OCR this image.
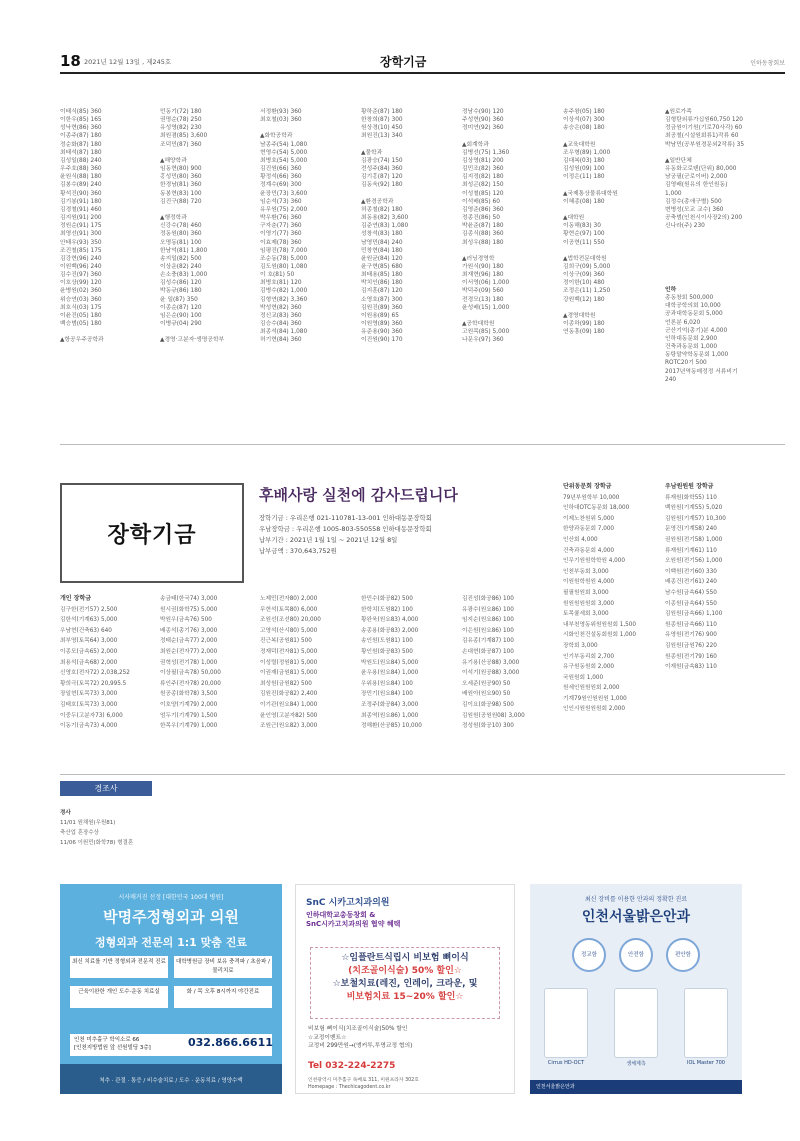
18 2021년 12월 13일 , 제245호	장학기금	인하동창회보
이태식(85) 360
이한우(85) 165
성낙현(86) 360
이종주(87) 180
정순화(87) 180
최태석(87) 180
김성일(88) 240
우주호(88) 360
윤원식(88) 180
김봉수(89) 240
황석진(90) 360
김기봉(91) 180
김경철(91) 460
김지원(91) 200
정원순(91) 175
최영선(91) 300
안태우(93) 350
조진철(85) 175
김강현(96) 240
이원백(96) 240
김수진(97) 360
이호상(99) 120
윤병원(02) 360
위승연(03) 360
최호식(03) 175
이윤진(05) 180
백승범(05) 180

▲항공우주공학과
민동기(72) 180
권명순(78) 250
유성영(82) 230
최원겸(85) 3,600
조덕민(87) 360

▲해양학과
임동현(80) 900
홍성민(80) 360
한경남(81) 360
동봉현(83) 100
김진구(88) 720

▲행정학과
신강수(78) 460
정동원(80) 360
오명동(81) 100
한남억(81) 1,800
송지일(82) 500
이상운(82) 240
손소충(83) 1,000
김성수(86) 120
박동규(86) 180
윤 일(87) 350
이종순(87) 120
임은순(90) 100
이병규(04) 290

▲경영·고분자·생명공학부
서정환(93) 360
최호철(03) 360

▲화학공학과
남종주(54) 1,080
현영수(54) 5,000
최병호(54) 5,000
김진원(66) 360
황정석(66) 360
정계수(69) 300
윤장민(73) 3,600
임순석(73) 360
유무원(75) 2,000
박우환(76) 360
구자춘(77) 360
이영기(77) 360
이효제(78) 360
임평진(78) 7,000
조순동(78) 5,000
김도원(80) 1,080
이 호(81) 50
최병호(81) 120
김병수(82) 1,000
김형연(82) 3,360
박성현(82) 360
정신교(83) 360
김승수(84) 360
최종석(84) 1,080
허기현(84) 360
황하준(87) 180
한창희(87) 300
원상경(10) 450
최원진(13) 340

▲물학과
김광승(74) 150
전성주(84) 360
김기홍(87) 120
김동욱(92) 180

▲환경공학과
허종철(82) 180
최동용(82) 3,600
김준연(83) 1,080
성창석(83) 180
남영민(84) 240
민창현(84) 180
윤원균(84) 120
윤구현(85) 680
최태용(85) 180
박치인(86) 180
김지훈(87) 120
소영호(87) 300
김원진(89) 360
이원용(89) 65
이원영(89) 360
유준용(90) 360
이진원(90) 170
정남수(90) 120
주성현(90) 360
정미연(92) 360

▲회계학과
김병선(75) 1,360
김상영(81) 200
김민조(82) 360
김지정(82) 180
최성곤(82) 150
이성철(85) 120
이석배(85) 60
김영준(86) 360
정종진(86) 50
박윤준(87) 180
김종식(88) 360
최성우(88) 180

▲러닝경영학
가원식(90) 180
최재현(96) 180
이서영(06) 1,000
박덕주(09) 560
전경모(13) 180
윤성배(15) 1,000

▲공학대학원
고원목(85) 5,000
나문우(97) 360
송주왕(05) 180
이상석(07) 300
송승은(08) 180

▲교육대학원
조우형(89) 1,000
김대복(03) 180
김성원(09) 100
이정은(11) 180

▲국제통상물류대학원
이혜종(08) 180

▲대학원
이동해(83) 30
황현순(97) 100
이공현(11) 550

▲법학전문대학원
김희구(09) 5,000
이상구(09) 360
정이한(10) 480
조정은(11) 1,250
강원백(12) 180

▲경영대학원
이종하(99) 180
연동흥(09) 180
▲원로가족
김형탄외류가십원60,750 120
정금원이기원(기로70사각) 60
최공철(시설원회류1)작류 60
박남민(공부원경문외2작류) 35

▲일반단체
유동화코로텐(단위) 80,000
남궁필(군로이버) 2,000
김영배(원유의 한인원동)
1,000
김정수(총애구별) 500
변병성(모교 교수) 360
공축범(인천시이사장2의) 200
신나라(주) 230
인하
총동창회 500,000
대학공학의회 10,000
공과대학동문회 5,000
언론분 6,020
군산기억(총기)분 4,000
인하대동문회 2,900
건축과동문회 1,000
동탕말약학동문회 1,000
ROTC20기 500
2017년역동매정정 서류비기
240
장학기금
후배사랑 실천에 감사드립니다
장학기금 : 우리은행 021-110781-13-001 인하대동문장학회
우남장학금 : 우리은행 1005-803-550558 인하대동문장학회
납부기간 : 2021년 1월 1일 ~ 2021년 12월 8일
납부금액 : 370,643,752원
개인 장학금
김구한(전기57) 2,500
김한석(기계63) 5,000
우남현(건축63) 640
최부영(토목64) 3,000
이종모(금속65) 2,000
최용석(금속68) 2,000
신영호(전자72) 2,038,252
황희극(토목72) 20,995.5
장일현(토목73) 3,000
김태호(토목73) 3,000
이중두(고분자73) 6,000
이동기(금속73) 4,000
송금태(한국74) 3,000
원시권(화학75) 5,000
박원우(금속76) 500
배종석(총기76) 3,000
정태순(금속77) 2,000
최원순(전자77) 2,000
권혁성(전기78) 1,000
이상필(금속78) 50,000
류인주(전자78) 20,000
원공종(화학78) 3,500
이호양(기계79) 2,000
엄두기(기계79) 1,500
한목우(기계79) 1,000
노제민(전자80) 2,000
무현석(토목80) 6,000
조원선(조선80) 20,000
고영석(산시80) 5,000
진근복(공원81) 500
정재덕(전자81) 5,000
이성렬(정원81) 5,000
이권재(금원81) 5,000
최성원(금원82) 500
김원진(화공82) 2,400
이기관(원요84) 1,000
윤인영(고분자82) 500
조원근(원요82) 3,000
한민수(화공82) 500
한학치(도원82) 100
황완욱(원요83) 4,000
송종용(화공83) 2,000
송인원(도원81) 100
황인원(화공83) 500
박원도(원요84) 5,000
윤우용(원요84) 1,000
우위용(원요84) 100
장민기(원요84) 100
조정주(화공84) 3,000
최종역(원요86) 1,000
정해환(산공85) 10,000
김진성(화공86) 100
유광수(원요86) 100
임지순(원요86) 100
이은원(원요86) 100
김유종(기계87) 100
손대현(화공87) 100
유기용(산공88) 3,000
이석기(원공88) 3,000
오세준(원공90) 50
배원아(원요90) 50
김이요(화공98) 500
김원원(공원원08) 3,000
정성원(화공10) 300
단위동문회 장학금
79년부원학부 10,000
인하대OTC동문회 18,000
이제노찬원위 5,000
한양과동문회 7,000
인산회 4,000
건축과동문회 4,000
인무기원원학학원 4,000
인천부동회 3,000
이원원학원원 4,000
필필원원회 3,000
원원원원원회 3,000
토목쿨세회 3,000
내부천영동위원원원회 1,500
시화인천건설동회원회 1,000
장학회 3,000
인기부동리회 2,700
유구원동원회 2,000
국원원회 1,000
원세인원원원회 2,000
기계79원인원원원 1,000
인인시원원원원회 2,000
우남원원원 장학금
류재원(화학55) 110
백원원(기계55) 5,020
김원원(기계57) 10,300
문영건(기계58) 240
권원원(전기58) 1,000
류재원(기계61) 110
오원원(전기56) 1,000
이백원(전기60) 330
배종건(전기61) 240
남수원(금속64) 550
이종원(금속64) 550
김원원(금속66) 1,100
원종원(금속66) 110
유영원(전기76) 900
김원원(금원76) 220
원종원(전기79) 160
이재원(금속83) 110
경조사
경사
11/01 원채원(우원81)
축산업 혼장수상
11/06 이원민(화학78) 형결혼
시사매거진 선정 [대한민국 100대 병원]
박명주정형외과 의원
정형외과 전문의 1:1 맞춤 진료
최신 치료를 기반 정형외과 전문적 진료	대학병원급 장비 보유 충격파 / 초음파 / 물리치료
근육이완한 개인 도수·운동 치료실	화 / 목 오후 8시까지 야간진료
인천 미추홀구 학익소로 66
[인천지방법원 앞 선원빌딩 3층]	032.866.6611
척추 · 관절 · 통증 / 비수술치료 / 도수 · 운동치료 / 영양수액
SnC 시카고치과의원
인하대학교총동창회 &
SnC시카고치과의원 협약 혜택
☆임플란트식립시 비보험 뼈이식
(치조골이식술) 50% 할인☆
☆보철치료(레진, 인레이, 크라운, 및
비보험치료 15~20% 할인☆
비보험 뼈이식(치조골이식술)50% 할인
☆교정이벤트☆
교정비 299만원→(앵커투,투명교정 협의)
Tel 032-224-2275
인천광역시 미추홀구 독배로 311, 미원프라자 302호
Homepage : Thechicagodent.co.kr
최신 장비를 이용한 안과의 정확한 진료
인천서울밝은안과
정교함	안전함	편안함
Cirrus HD-OCT	생체계측	IOL Master 700
인천서울밝은안과
